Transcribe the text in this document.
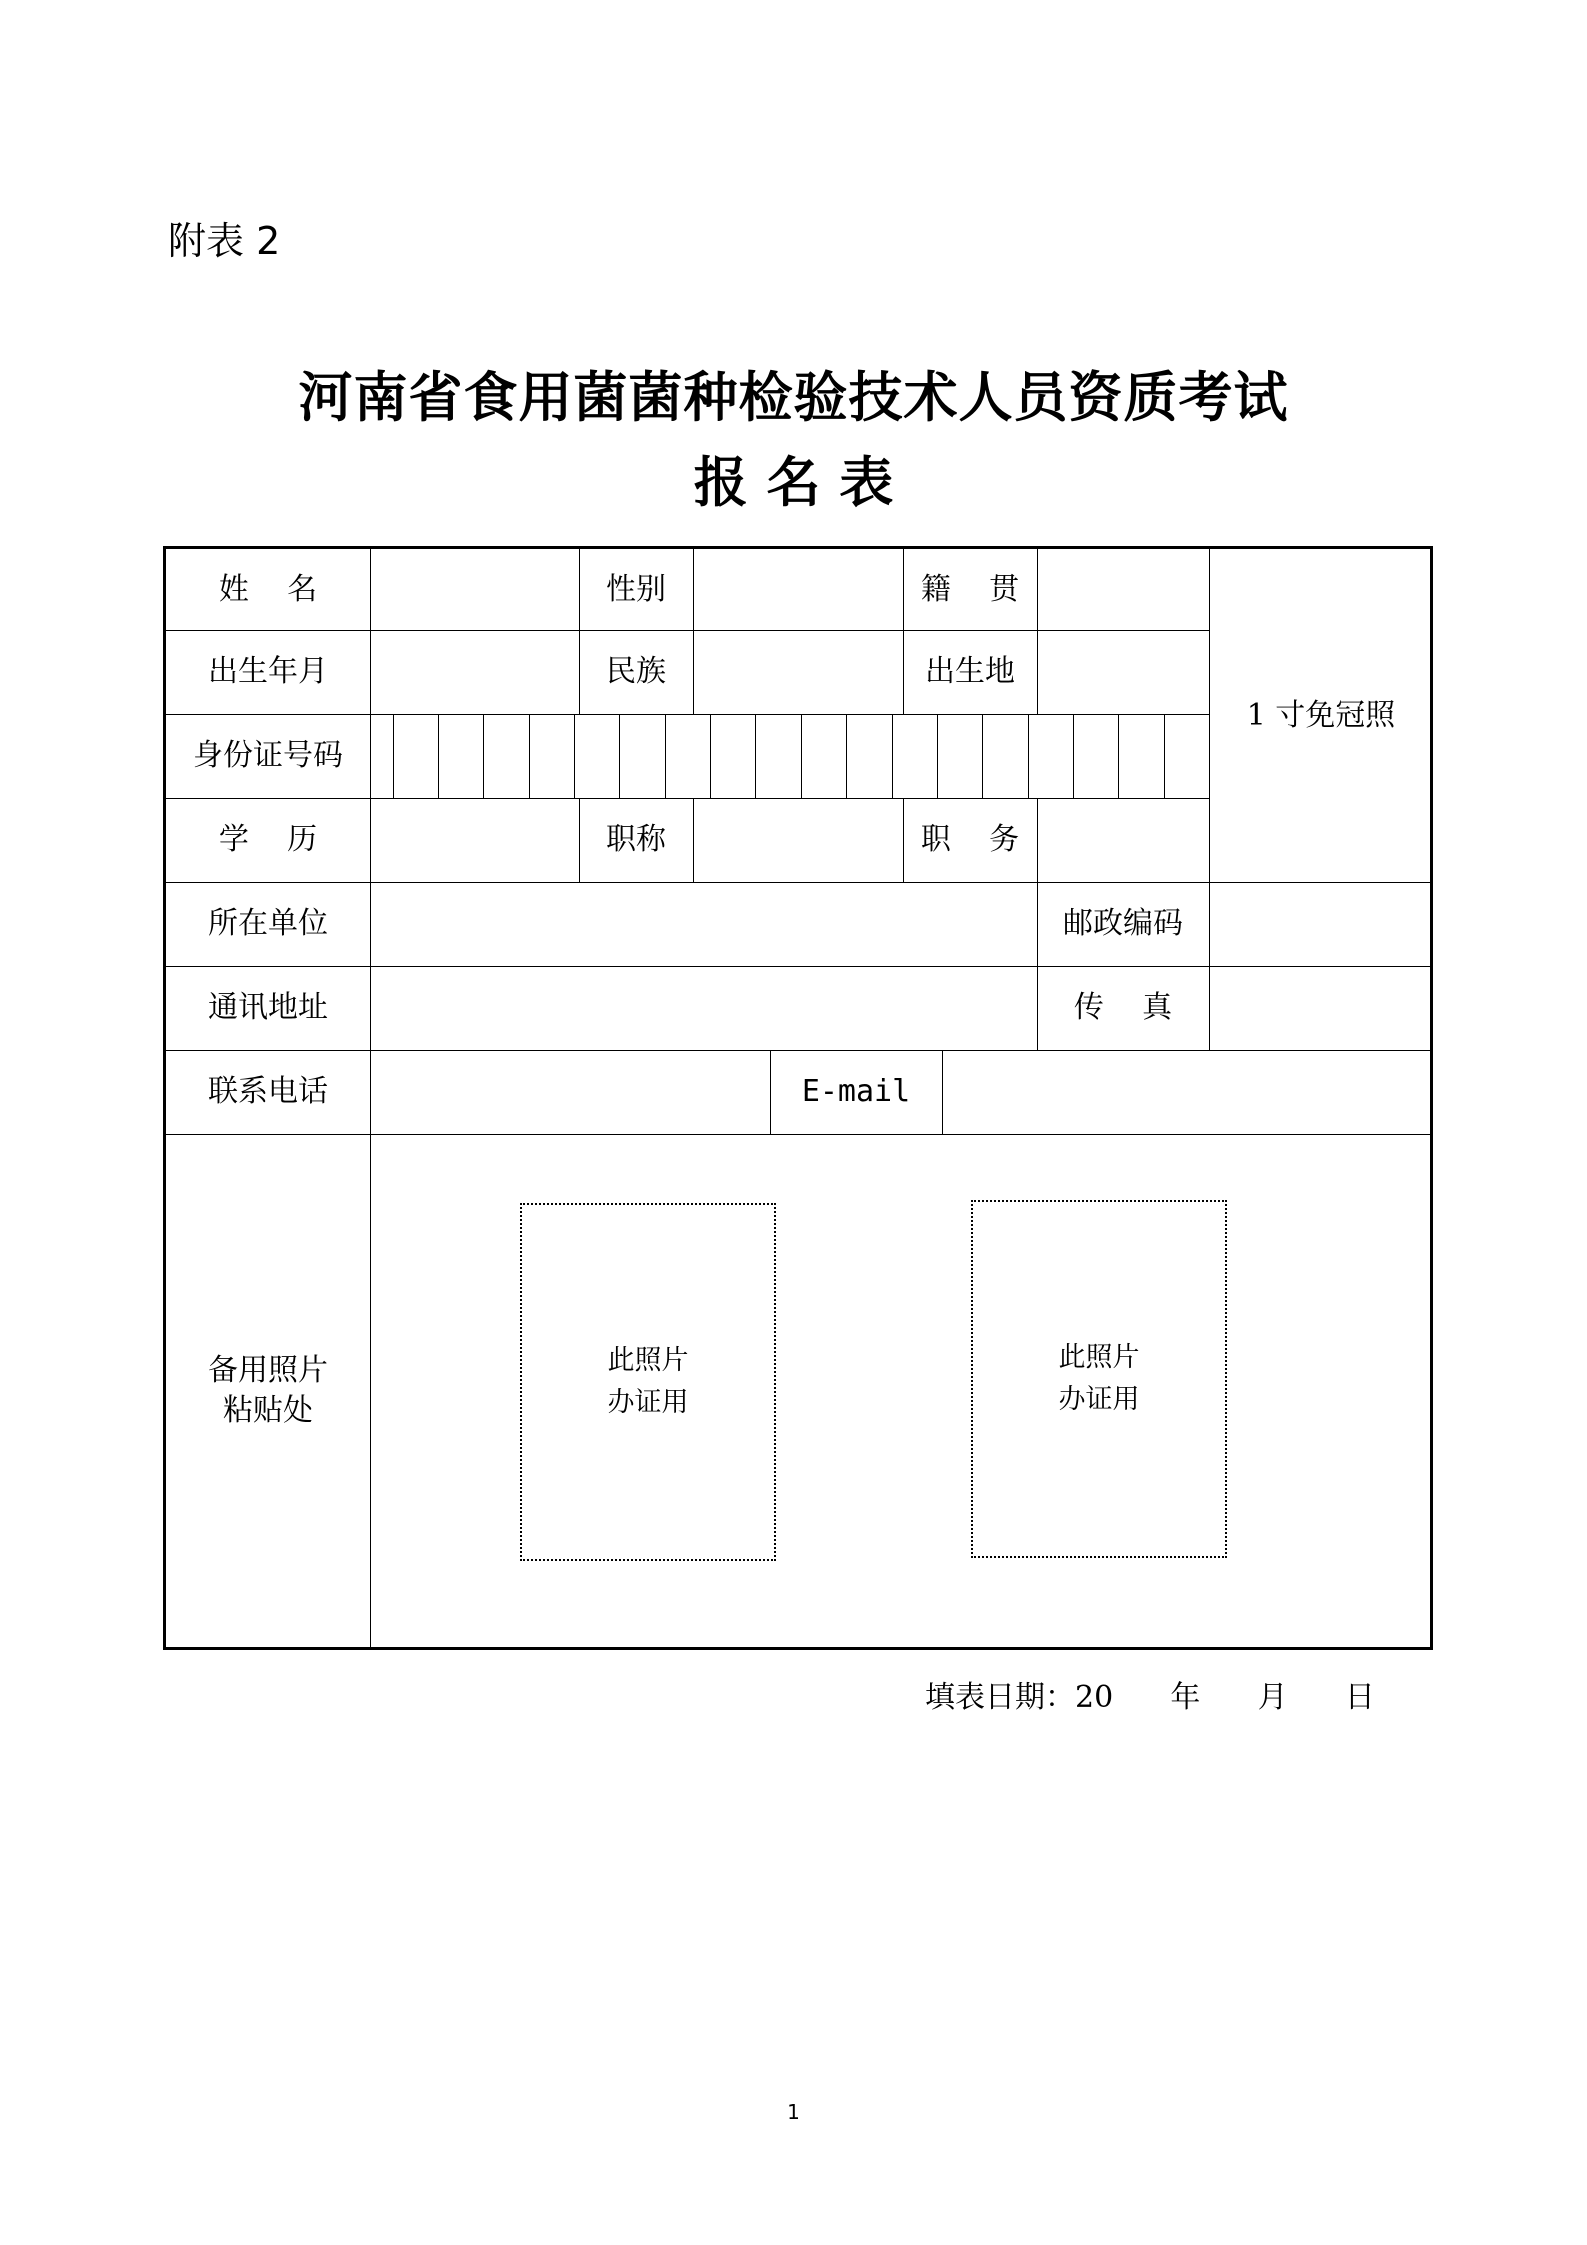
附表 2
河南省食用菌菌种检验技术人员资质考试
报 名 表
姓    名	性别	籍    贯
出生年月	民族	出生地
1 寸免冠照
身份证号码
学    历	职称	职    务
所在单位	邮政编码
通讯地址	传    真
联系电话	E-mail
备用照片
粘贴处
此照片
办证用
此照片
办证用
填表日期：20      年      月      日
1
